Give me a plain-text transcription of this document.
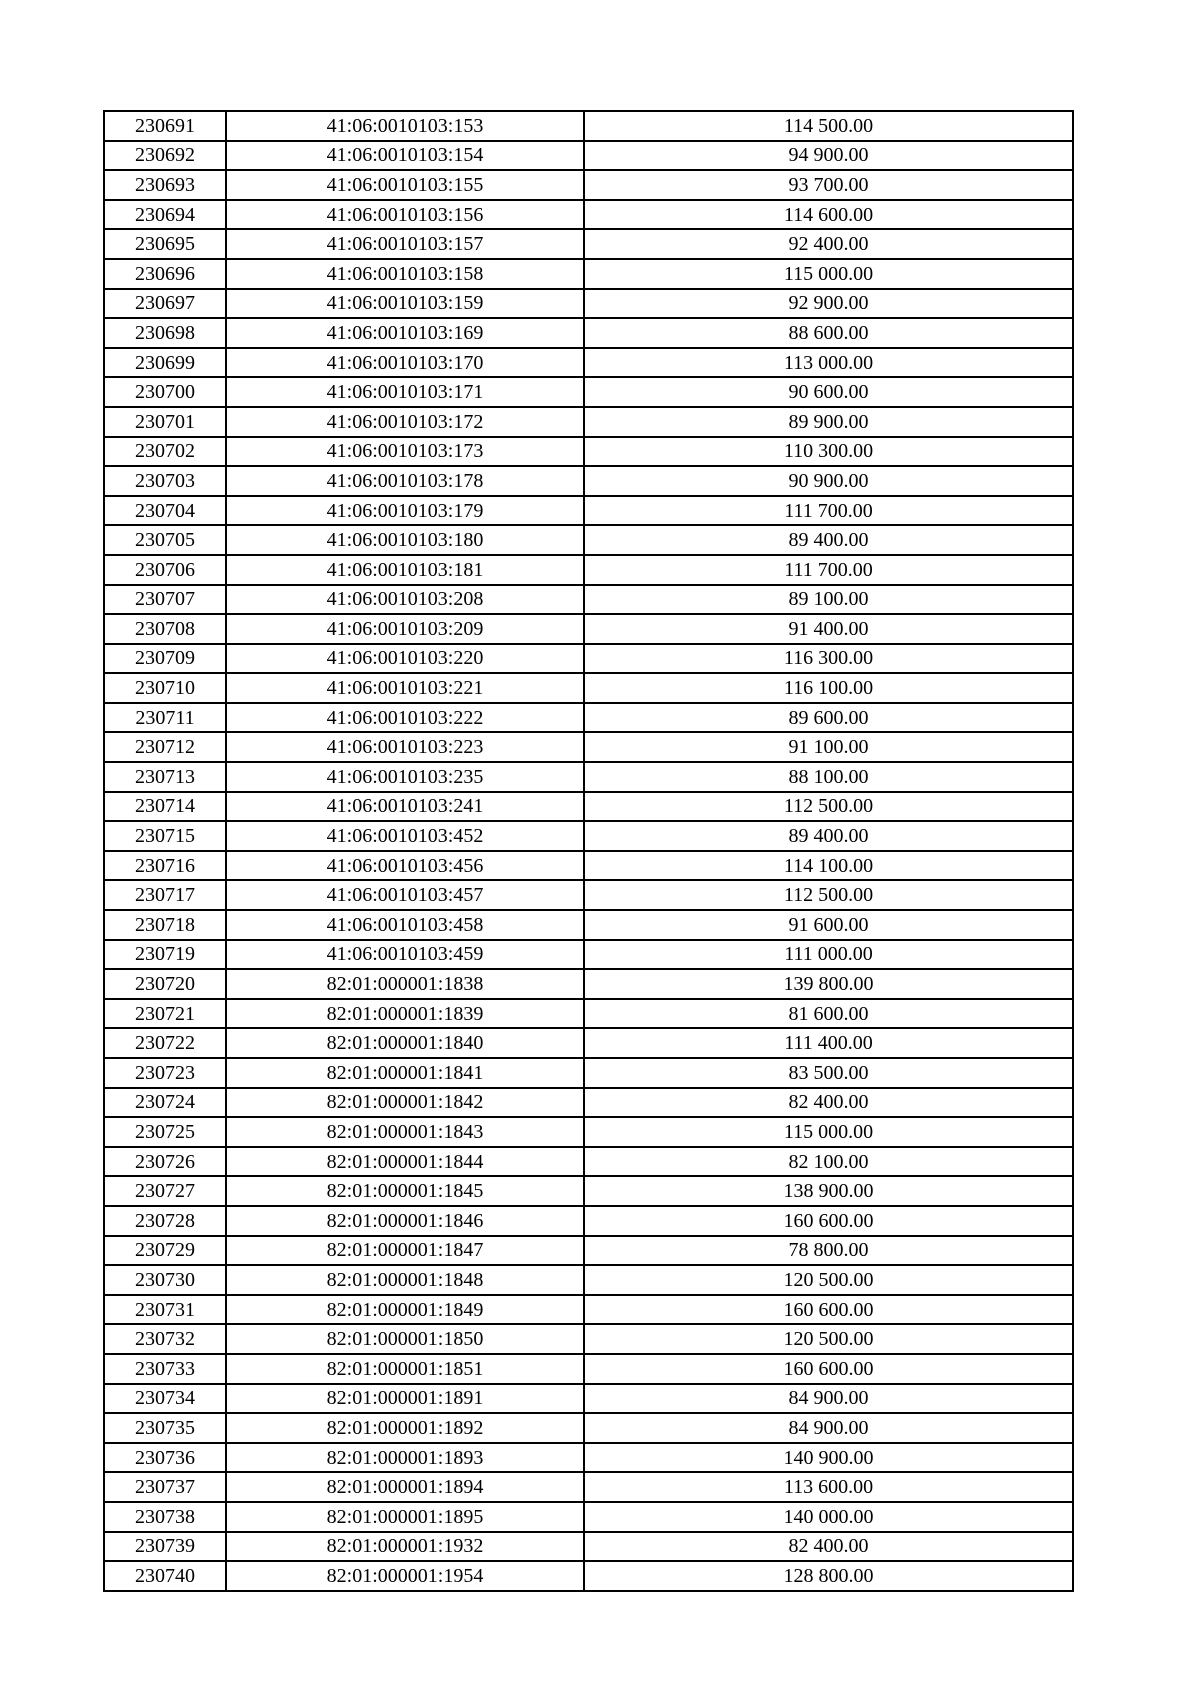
230691	41:06:0010103:153	114 500.00
230692	41:06:0010103:154	94 900.00
230693	41:06:0010103:155	93 700.00
230694	41:06:0010103:156	114 600.00
230695	41:06:0010103:157	92 400.00
230696	41:06:0010103:158	115 000.00
230697	41:06:0010103:159	92 900.00
230698	41:06:0010103:169	88 600.00
230699	41:06:0010103:170	113 000.00
230700	41:06:0010103:171	90 600.00
230701	41:06:0010103:172	89 900.00
230702	41:06:0010103:173	110 300.00
230703	41:06:0010103:178	90 900.00
230704	41:06:0010103:179	111 700.00
230705	41:06:0010103:180	89 400.00
230706	41:06:0010103:181	111 700.00
230707	41:06:0010103:208	89 100.00
230708	41:06:0010103:209	91 400.00
230709	41:06:0010103:220	116 300.00
230710	41:06:0010103:221	116 100.00
230711	41:06:0010103:222	89 600.00
230712	41:06:0010103:223	91 100.00
230713	41:06:0010103:235	88 100.00
230714	41:06:0010103:241	112 500.00
230715	41:06:0010103:452	89 400.00
230716	41:06:0010103:456	114 100.00
230717	41:06:0010103:457	112 500.00
230718	41:06:0010103:458	91 600.00
230719	41:06:0010103:459	111 000.00
230720	82:01:000001:1838	139 800.00
230721	82:01:000001:1839	81 600.00
230722	82:01:000001:1840	111 400.00
230723	82:01:000001:1841	83 500.00
230724	82:01:000001:1842	82 400.00
230725	82:01:000001:1843	115 000.00
230726	82:01:000001:1844	82 100.00
230727	82:01:000001:1845	138 900.00
230728	82:01:000001:1846	160 600.00
230729	82:01:000001:1847	78 800.00
230730	82:01:000001:1848	120 500.00
230731	82:01:000001:1849	160 600.00
230732	82:01:000001:1850	120 500.00
230733	82:01:000001:1851	160 600.00
230734	82:01:000001:1891	84 900.00
230735	82:01:000001:1892	84 900.00
230736	82:01:000001:1893	140 900.00
230737	82:01:000001:1894	113 600.00
230738	82:01:000001:1895	140 000.00
230739	82:01:000001:1932	82 400.00
230740	82:01:000001:1954	128 800.00
